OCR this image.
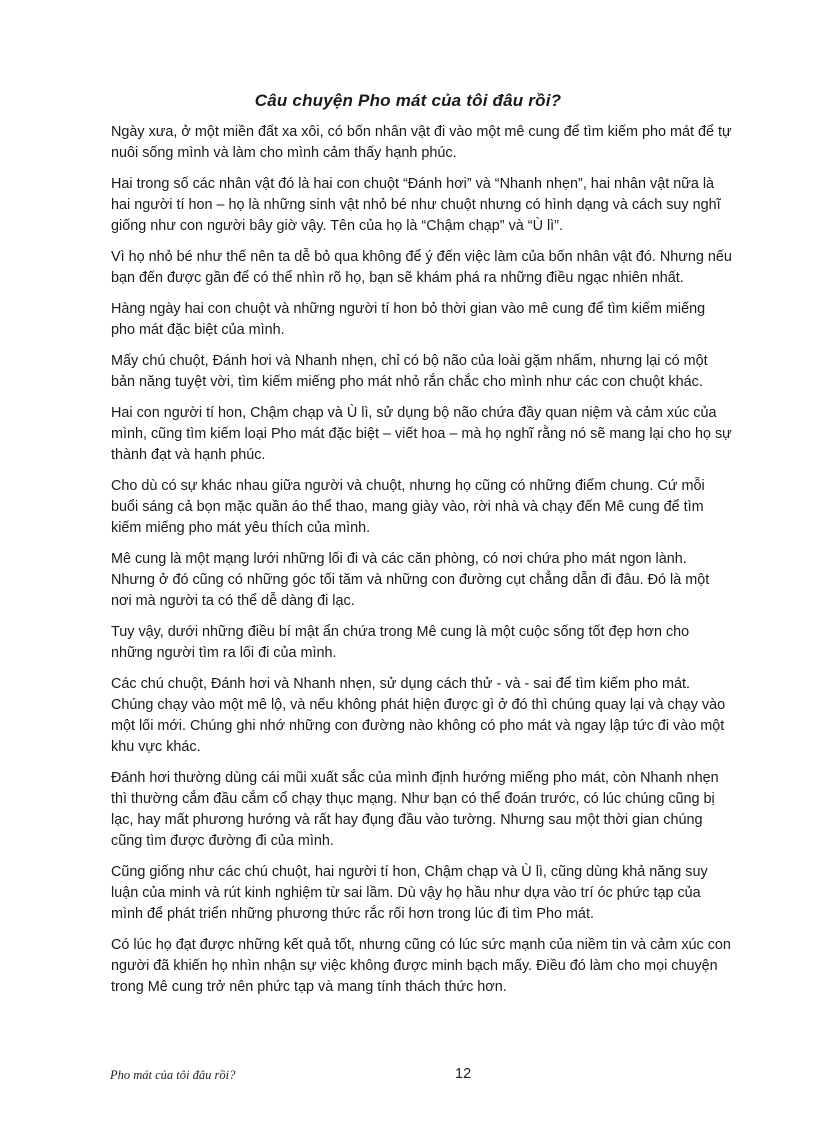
Câu chuyện Pho mát của tôi đâu rồi?

Ngày xưa, ở một miền đất xa xôi, có bốn nhân vật đi vào một mê cung để tìm kiếm pho mát để tự nuôi sống mình và làm cho mình cảm thấy hạnh phúc.

Hai trong số các nhân vật đó là hai con chuột “Đánh hơi” và “Nhanh nhẹn”, hai nhân vật nữa là hai người tí hon – họ là những sinh vật nhỏ bé như chuột nhưng có hình dạng và cách suy nghĩ giống như con người bây giờ vậy. Tên của họ là “Chậm chạp” và “Ù lì”.

Vì họ nhỏ bé như thế nên ta dễ bỏ qua không để ý đến việc làm của bốn nhân vật đó. Nhưng nếu bạn đến được gần để có thể nhìn rõ họ, bạn sẽ khám phá ra những điều ngạc nhiên nhất.

Hàng ngày hai con chuột và những người tí hon bỏ thời gian vào mê cung để tìm kiếm miếng pho mát đặc biệt của mình.

Mấy chú chuột, Đánh hơi và Nhanh nhẹn, chỉ có bộ não của loài gặm nhấm, nhưng lại có một bản năng tuyệt vời, tìm kiếm miếng pho mát nhỏ rắn chắc cho mình như các con chuột khác.

Hai con người tí hon, Chậm chạp và Ù lì, sử dụng bộ não chứa đầy quan niệm và cảm xúc của mình, cũng tìm kiếm loại Pho mát đặc biệt – viết hoa – mà họ nghĩ rằng nó sẽ mang lại cho họ sự thành đạt và hạnh phúc.

Cho dù có sự khác nhau giữa người và chuột, nhưng họ cũng có những điểm chung. Cứ mỗi buổi sáng cả bọn mặc quần áo thể thao, mang giày vào, rời nhà và chạy đến Mê cung để tìm kiếm miếng pho mát yêu thích của mình.

Mê cung là một mạng lưới những lối đi và các căn phòng, có nơi chứa pho mát ngon lành. Nhưng ở đó cũng có những góc tối tăm và những con đường cụt chẳng dẫn đi đâu. Đó là một nơi mà người ta có thể dễ dàng đi lạc.

Tuy vậy, dưới những điều bí mật ẩn chứa trong Mê cung là một cuộc sống tốt đẹp hơn cho những người tìm ra lối đi của mình.

Các chú chuột, Đánh hơi và Nhanh nhẹn, sử dụng cách thử - và - sai để tìm kiếm pho mát. Chúng chạy vào một mê lộ, và nếu không phát hiện được gì ở đó thì chúng quay lại và chạy vào một lối mới. Chúng ghi nhớ những con đường nào không có pho mát và ngay lập tức đi vào một khu vực khác.

Đánh hơi thường dùng cái mũi xuất sắc của mình định hướng miếng pho mát, còn Nhanh nhẹn thì thường cắm đầu cắm cổ chạy thục mạng. Như bạn có thể đoán trước, có lúc chúng cũng bị lạc, hay mất phương hướng và rất hay đụng đầu vào tường. Nhưng sau một thời gian chúng cũng tìm được đường đi của mình.

Cũng giống như các chú chuột, hai người tí hon, Chậm chạp và Ù lì, cũng dùng khả năng suy luận của minh và rút kinh nghiệm từ sai lầm. Dù vậy họ hầu như dựa vào trí óc phức tạp của mình để phát triển những phương thức rắc rối hơn trong lúc đi tìm Pho mát.

Có lúc họ đạt được những kết quả tốt, nhưng cũng có lúc sức mạnh của niềm tin và cảm xúc con người đã khiến họ nhìn nhận sự việc không được minh bạch mấy. Điều đó làm cho mọi chuyện trong Mê cung trở nên phức tạp và mang tính thách thức hơn.

Pho mát của tôi đâu rồi?	12
